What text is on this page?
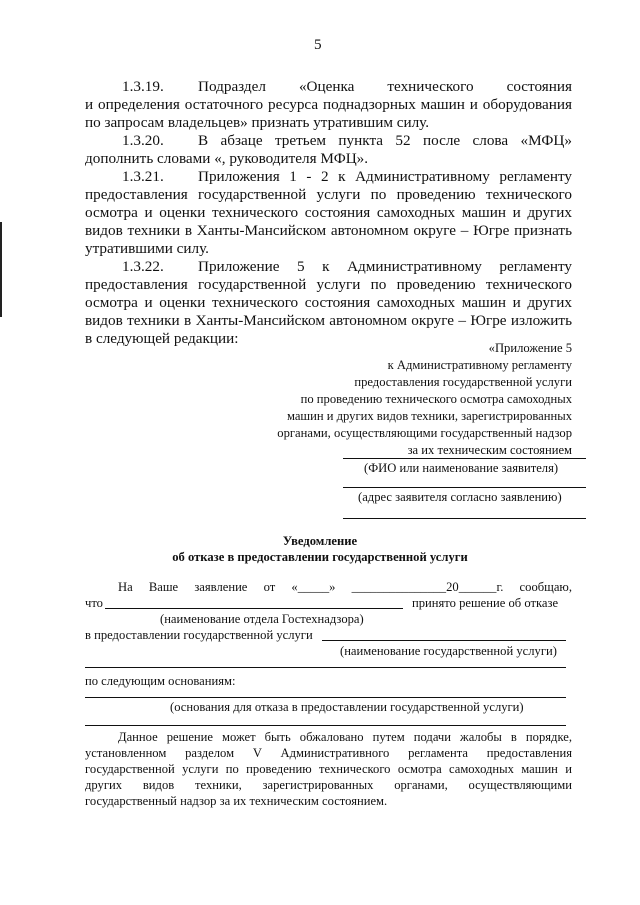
5
1.3.19. Подраздел «Оценка технического состояния
и определения остаточного ресурса поднадзорных машин и оборудования
по запросам владельцев» признать утратившим силу.
1.3.20. В абзаце третьем пункта 52 после слова «МФЦ»
дополнить словами «, руководителя МФЦ».
1.3.21. Приложения 1 - 2 к Административному регламенту
предоставления государственной услуги по проведению технического
осмотра и оценки технического состояния самоходных машин и других
видов техники в Ханты-Мансийском автономном округе – Югре признать
утратившими силу.
1.3.22. Приложение 5 к Административному регламенту
предоставления государственной услуги по проведению технического
осмотра и оценки технического состояния самоходных машин и других
видов техники в Ханты-Мансийском автономном округе – Югре изложить
в следующей редакции:
«Приложение 5
к Административному регламенту
предоставления государственной услуги
по проведению технического осмотра самоходных
машин и других видов техники, зарегистрированных
органами, осуществляющими государственный надзор
за их техническим состоянием
(ФИО или наименование заявителя)
(адрес заявителя согласно заявлению)
Уведомление
об отказе в предоставлении государственной услуги
На Ваше заявление от «_____» _______________20______г. сообщаю,
что	принято решение об отказе
(наименование отдела Гостехнадзора)
в предоставлении государственной услуги
(наименование государственной услуги)
по следующим основаниям:
(основания для отказа в предоставлении государственной услуги)
Данное решение может быть обжаловано путем подачи жалобы в порядке,
установленном разделом V Административного регламента предоставления
государственной услуги по проведению технического осмотра самоходных машин и
других видов техники, зарегистрированных органами, осуществляющими
государственный надзор за их техническим состоянием.
